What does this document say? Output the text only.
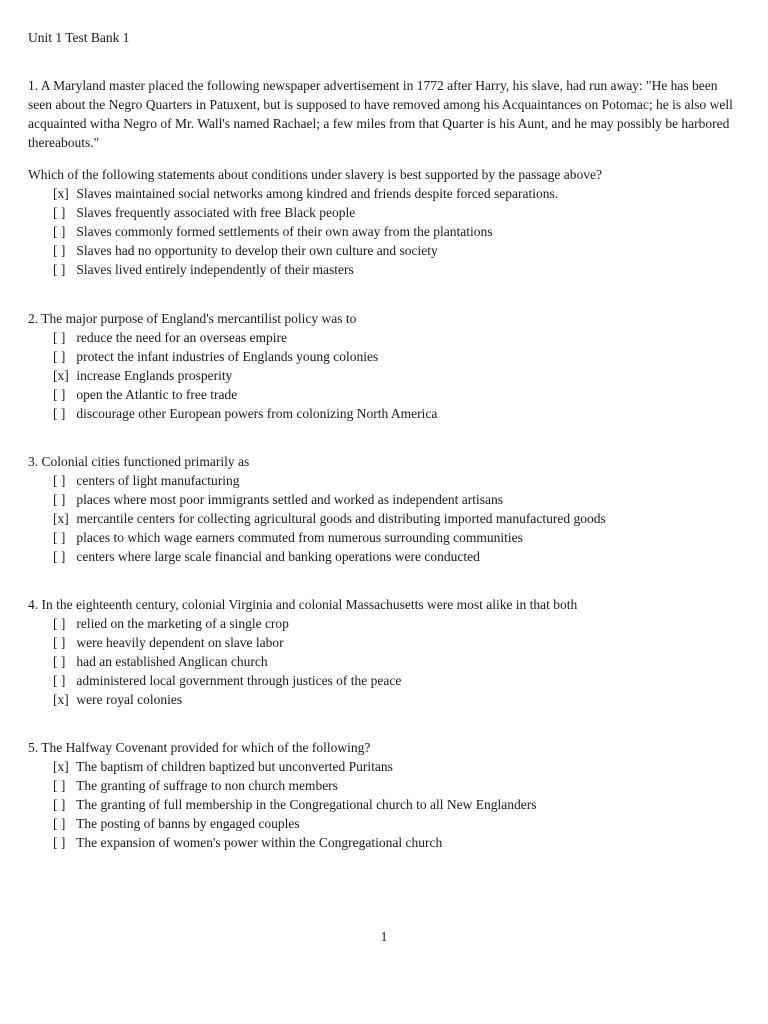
Unit 1 Test Bank 1
1. A Maryland master placed the following newspaper advertisement in 1772 after Harry, his slave, had run away: "He has been seen about the Negro Quarters in Patuxent, but is supposed to have removed among his Acquaintances on Potomac; he is also well acquainted witha Negro of Mr. Wall's named Rachael; a few miles from that Quarter is his Aunt, and he may possibly be harbored thereabouts."
Which of the following statements about conditions under slavery is best supported by the passage above?
[x] Slaves maintained social networks among kindred and friends despite forced separations.
[ ] Slaves frequently associated with free Black people
[ ] Slaves commonly formed settlements of their own away from the plantations
[ ] Slaves had no opportunity to develop their own culture and society
[ ] Slaves lived entirely independently of their masters
2. The major purpose of England's mercantilist policy was to
[ ] reduce the need for an overseas empire
[ ] protect the infant industries of Englands young colonies
[x] increase Englands prosperity
[ ] open the Atlantic to free trade
[ ] discourage other European powers from colonizing North America
3. Colonial cities functioned primarily as
[ ] centers of light manufacturing
[ ] places where most poor immigrants settled and worked as independent artisans
[x] mercantile centers for collecting agricultural goods and distributing imported manufactured goods
[ ] places to which wage earners commuted from numerous surrounding communities
[ ] centers where large scale financial and banking operations were conducted
4. In the eighteenth century, colonial Virginia and colonial Massachusetts were most alike in that both
[ ] relied on the marketing of a single crop
[ ] were heavily dependent on slave labor
[ ] had an established Anglican church
[ ] administered local government through justices of the peace
[x] were royal colonies
5. The Halfway Covenant provided for which of the following?
[x] The baptism of children baptized but unconverted Puritans
[ ] The granting of suffrage to non church members
[ ] The granting of full membership in the Congregational church to all New Englanders
[ ] The posting of banns by engaged couples
[ ] The expansion of women's power within the Congregational church
1
